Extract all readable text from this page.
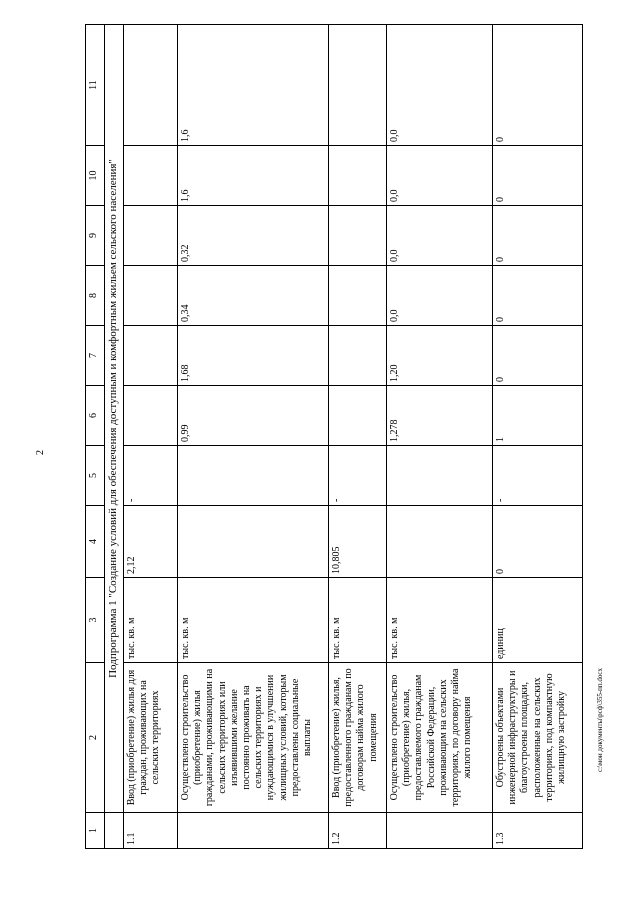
2
c:\мои документы\рсф\355-пп.docx
1	2	3	4	5	6	7	8	9	10	11
	Подпрограмма 1 "Создание условий для обеспечения доступным и комфортным жильем сельского населения"									
1.1	Ввод (приобретение) жилья для граждан, проживающих на сельских территориях	тыс. кв. м	2,12	-						
	Осуществлено строительство (приобретение) жилья гражданами, проживающими на сельских территориях или изъявившими желание постоянно проживать на сельских территориях и нуждающимися в улучшении жилищных условий, которым предоставлены социальные выплаты	тыс. кв. м			0,99	1,68	0,34	0,32	1,6	1,6
1.2	Ввод (приобретение) жилья, предоставленного гражданам по договорам найма жилого помещения	тыс. кв. м	10,805	-						
	Осуществлено строительство (приобретение) жилья, предоставляемого гражданам Российской Федерации, проживающим на сельских территориях, по договору найма жилого помещения	тыс. кв. м			1,278	1,20	0,0	0,0	0,0	0,0
1.3	Обустроены объектами инженерной инфраструктуры и благоустроены площадки, расположенные на сельских территориях, под компактную жилищную застройку	единиц	0	-	1	0	0	0	0	0
